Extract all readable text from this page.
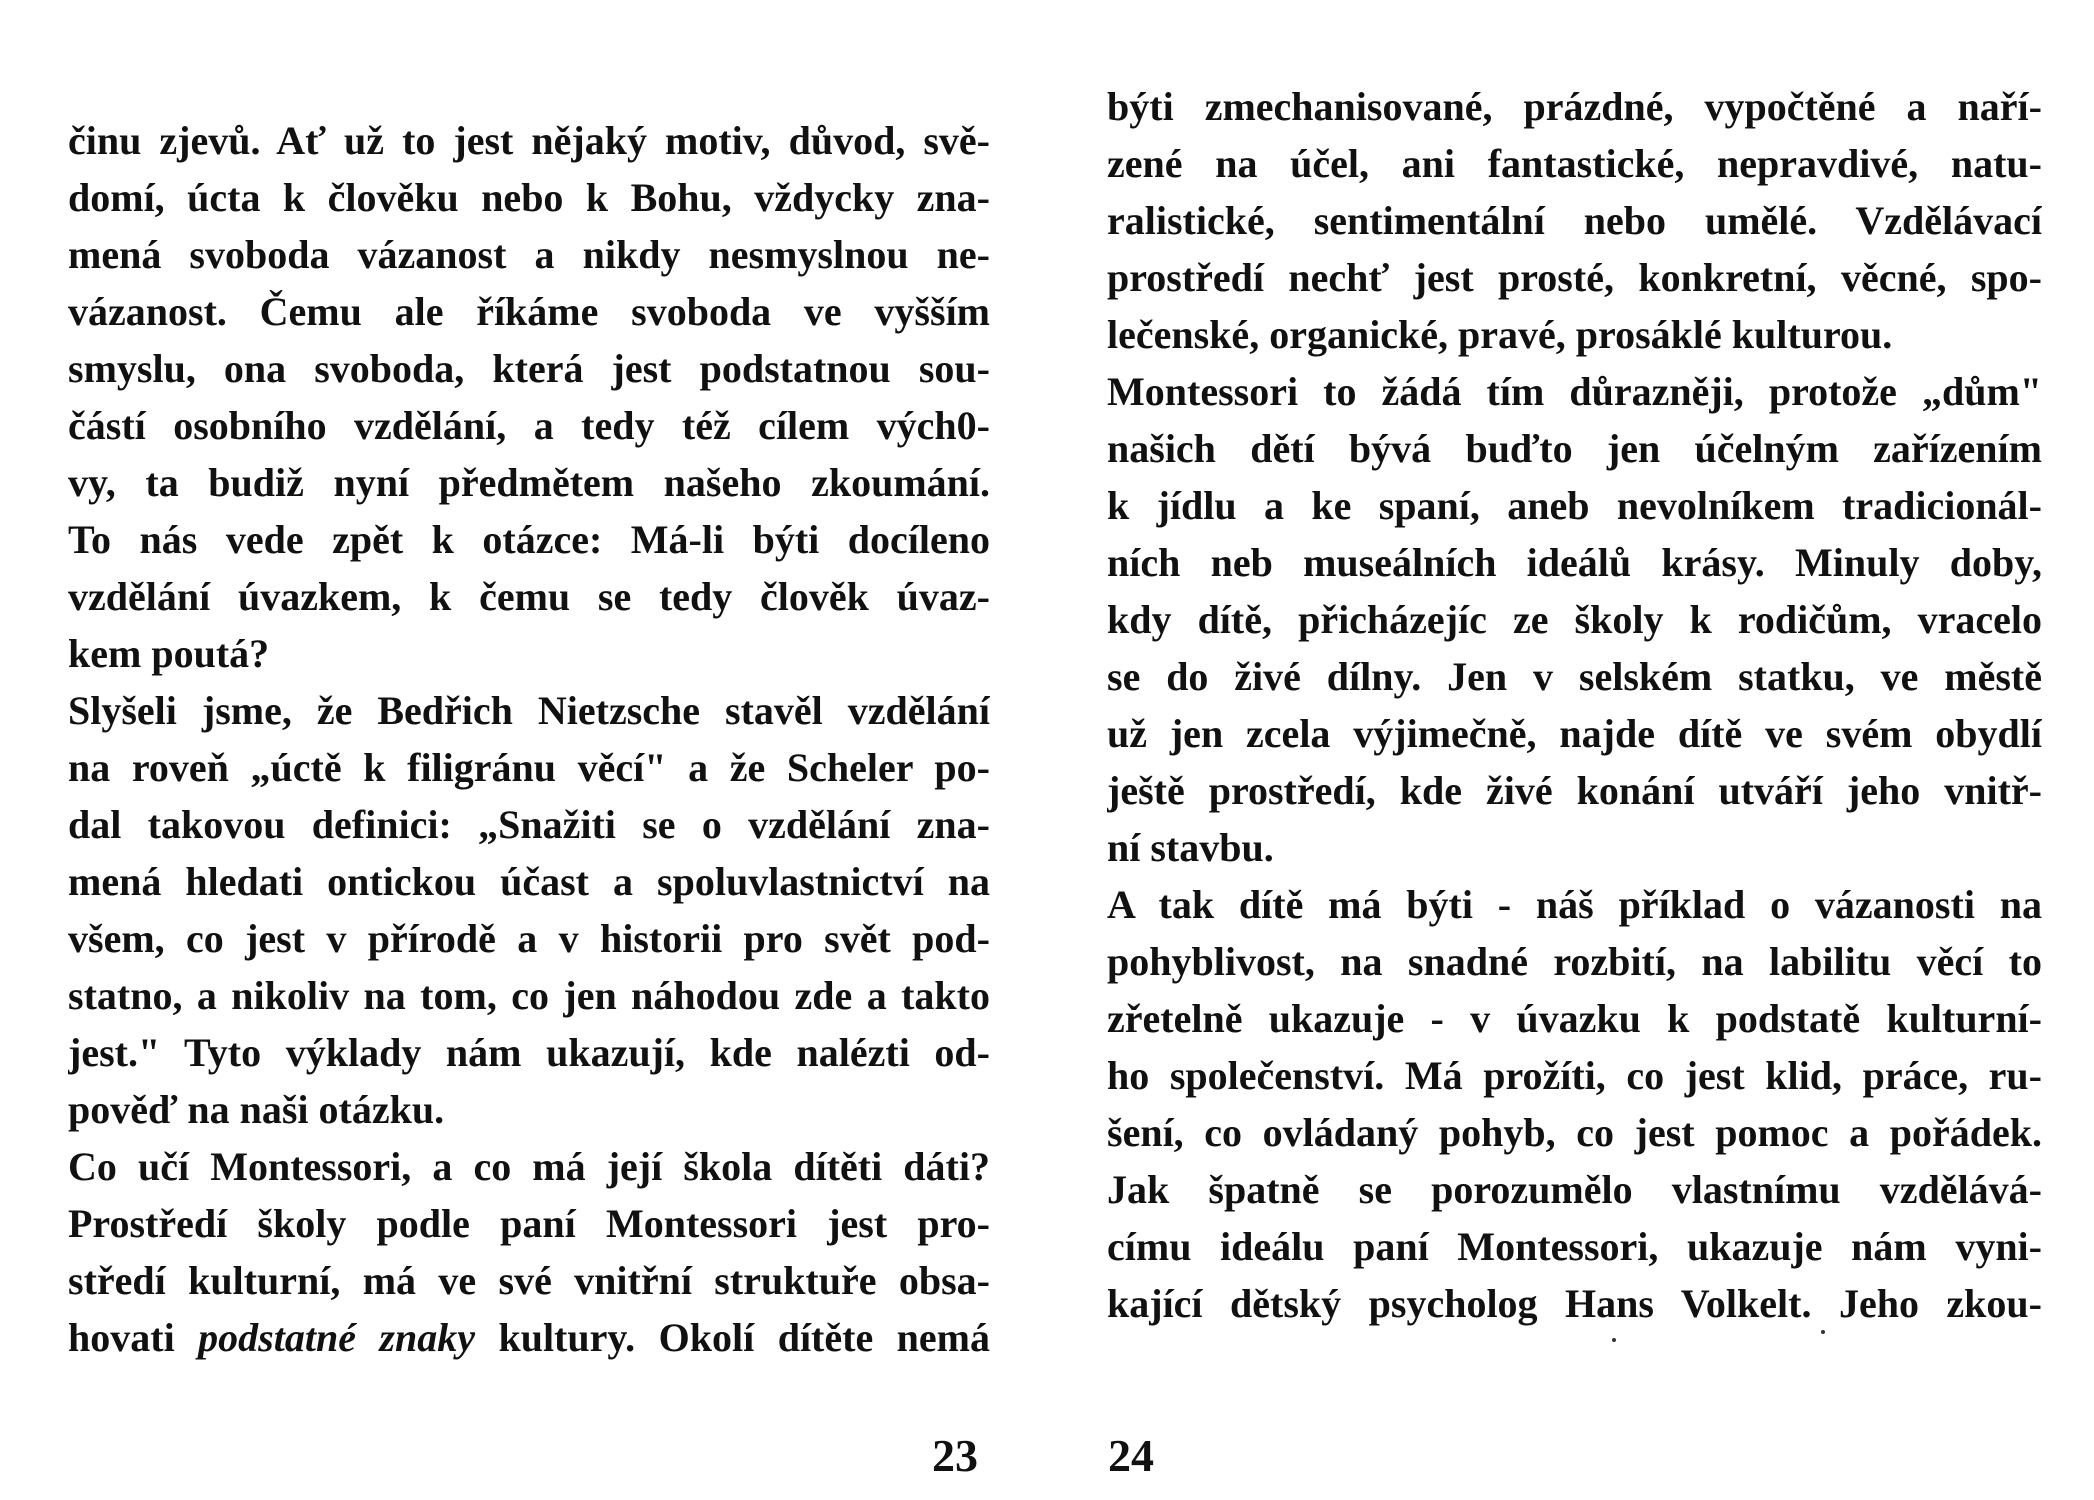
činu zjevů. Ať už to jest nějaký motiv, důvod, svě-
domí, úcta k člověku nebo k Bohu, vždycky zna-
mená svoboda vázanost a nikdy nesmyslnou ne-
vázanost. Čemu ale říkáme svoboda ve vyšším
smyslu, ona svoboda, která jest podstatnou sou-
částí osobního vzdělání, a tedy též cílem vých0-
vy, ta budiž nyní předmětem našeho zkoumání.
To nás vede zpět k otázce: Má-li býti docíleno
vzdělání úvazkem, k čemu se tedy člověk úvaz-
kem poutá?
Slyšeli jsme, že Bedřich Nietzsche stavěl vzdělání
na roveň „úctě k filigránu věcí" a že Scheler po-
dal takovou definici: „Snažiti se o vzdělání zna-
mená hledati ontickou účast a spoluvlastnictví na
všem, co jest v přírodě a v historii pro svět pod-
statno, a nikoliv na tom, co jen náhodou zde a takto
jest." Tyto výklady nám ukazují, kde nalézti od-
pověď na naši otázku.
Co učí Montessori, a co má její škola dítěti dáti?
Prostředí školy podle paní Montessori jest pro-
středí kulturní, má ve své vnitřní struktuře obsa-
hovati podstatné znaky kultury. Okolí dítěte nemá
23
býti zmechanisované, prázdné, vypočtěné a naří-
zené na účel, ani fantastické, nepravdivé, natu-
ralistické, sentimentální nebo umělé. Vzdělávací
prostředí nechť jest prosté, konkretní, věcné, spo-
lečenské, organické, pravé, prosáklé kulturou.
Montessori to žádá tím důrazněji, protože „dům"
našich dětí bývá buďto jen účelným zařízením
k jídlu a ke spaní, aneb nevolníkem tradicionál-
ních neb museálních ideálů krásy. Minuly doby,
kdy dítě, přicházejíc ze školy k rodičům, vracelo
se do živé dílny. Jen v selském statku, ve městě
už jen zcela výjimečně, najde dítě ve svém obydlí
ještě prostředí, kde živé konání utváří jeho vnitř-
ní stavbu.
A tak dítě má býti - náš příklad o vázanosti na
pohyblivost, na snadné rozbití, na labilitu věcí to
zřetelně ukazuje - v úvazku k podstatě kulturní-
ho společenství. Má prožíti, co jest klid, práce, ru-
šení, co ovládaný pohyb, co jest pomoc a pořádek.
Jak špatně se porozumělo vlastnímu vzdělává-
címu ideálu paní Montessori, ukazuje nám vyni-
kající dětský psycholog Hans Volkelt. Jeho zkou-
24
